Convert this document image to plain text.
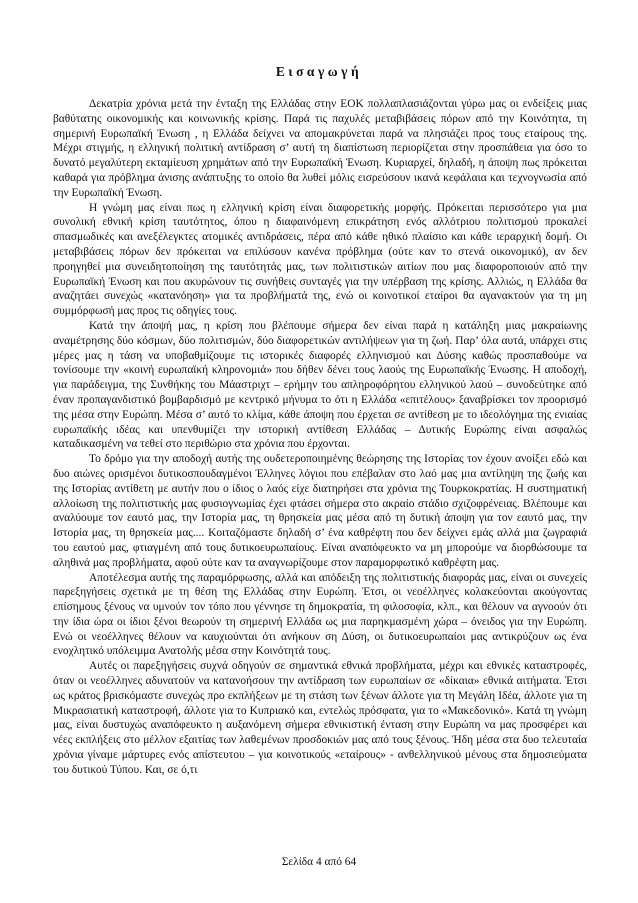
Εισαγωγή

Δεκατρία χρόνια μετά την ένταξη της Ελλάδας στην ΕΟΚ πολλαπλασιάζονται γύρω μας οι ενδείξεις μιας βαθύτατης οικονομικής και κοινωνικής κρίσης. Παρά τις παχυλές μεταβιβάσεις πόρων από την Κοινότητα, τη σημερινή Ευρωπαϊκή Ένωση , η Ελλάδα δείχνει να απομακρύνεται παρά να πλησιάζει προς τους εταίρους της. Μέχρι στιγμής, η ελληνική πολιτική αντίδραση σ’ αυτή τη διαπίστωση περιορίζεται στην προσπάθεια για όσο το δυνατό μεγαλύτερη εκταμίευση χρημάτων από την Ευρωπαϊκή Ένωση. Κυριαρχεί, δηλαδή, η άποψη πως πρόκειται καθαρά για πρόβλημα άνισης ανάπτυξης το οποίο θα λυθεί μόλις εισρεύσουν ικανά κεφάλαια και τεχνογνωσία από την Ευρωπαϊκή Ένωση.

Η γνώμη μας είναι πως η ελληνική κρίση είναι διαφορετικής μορφής. Πρόκειται περισσότερο για μια συνολική εθνική κρίση ταυτότητος, όπου η διαφαινόμενη επικράτηση ενός αλλότριου πολιτισμού προκαλεί σπασμωδικές και ανεξέλεγκτες ατομικές αντιδράσεις, πέρα από κάθε ηθικό πλαίσιο και κάθε ιεραρχική δομή. Οι μεταβιβάσεις πόρων δεν πρόκειται να επιλύσουν κανένα πρόβλημα (ούτε καν το στενά οικονομικό), αν δεν προηγηθεί μια συνειδητοποίηση της ταυτότητάς μας, των πολιτιστικών αιτίων που μας διαφοροποιούν από την Ευρωπαϊκή Ένωση και που ακυρώνουν τις συνήθεις συνταγές για την υπέρβαση της κρίσης. Αλλιώς, η Ελλάδα θα αναζητάει συνεχώς «κατανόηση» για τα προβλήματά της, ενώ οι κοινοτικοί εταίροι θα αγανακτούν για τη μη συμμόρφωσή μας προς τις οδηγίες τους.

Κατά την άποψή μας, η κρίση που βλέπουμε σήμερα δεν είναι παρά η κατάληξη μιας μακραίωνης αναμέτρησης δύο κόσμων, δύο πολιτισμών, δύο διαφορετικών αντιλήψεων για τη ζωή. Παρ’ όλα αυτά, υπάρχει στις μέρες μας η τάση να υποβαθμίζουμε τις ιστορικές διαφορές ελληνισμού και Δύσης καθώς προσπαθούμε να τονίσουμε την «κοινή ευρωπαϊκή κληρονομιά» που δήθεν δένει τους λαούς της Ευρωπαϊκής Ένωσης. Η αποδοχή, για παράδειγμα, της Συνθήκης του Μάαστριχτ – ερήμην του απληροφόρητου ελληνικού λαού – συνοδεύτηκε από έναν προπαγανδιστικό βομβαρδισμό με κεντρικό μήνυμα το ότι η Ελλάδα «επιτέλους» ξαναβρίσκει τον προορισμό της μέσα στην Ευρώπη. Μέσα σ’ αυτό το κλίμα, κάθε άποψη που έρχεται σε αντίθεση με το ιδεολόγημα της ενιαίας ευρωπαϊκής ιδέας και υπενθυμίζει την ιστορική αντίθεση Ελλάδας – Δυτικής Ευρώπης είναι ασφαλώς καταδικασμένη να τεθεί στο περιθώριο στα χρόνια που έρχονται.

Το δρόμο για την αποδοχή αυτής της ουδετεροποιημένης θεώρησης της Ιστορίας τον έχουν ανοίξει εδώ και δυο αιώνες ορισμένοι δυτικοσπουδαγμένοι Έλληνες λόγιοι που επέβαλαν στο λαό μας μια αντίληψη της ζωής και της Ιστορίας αντίθετη με αυτήν που ο ίδιος ο λαός είχε διατηρήσει στα χρόνια της Τουρκοκρατίας. Η συστηματική αλλοίωση της πολιτιστικής μας φυσιογνωμίας έχει φτάσει σήμερα στο ακραίο στάδιο σχιζοφρένειας. Βλέπουμε και αναλύουμε τον εαυτό μας, την Ιστορία μας, τη θρησκεία μας μέσα από τη δυτική άποψη για τον εαυτό μας, την Ιστορία μας, τη θρησκεία μας.... Κοιταζόμαστε δηλαδή σ’ ένα καθρέφτη που δεν δείχνει εμάς αλλά μια ζωγραφιά του εαυτού μας, φτιαγμένη από τους δυτικοευρωπαίους. Είναι αναπόφευκτο να μη μπορούμε να διορθώσουμε τα αληθινά μας προβλήματα, αφού ούτε καν τα αναγνωρίζουμε στον παραμορφωτικό καθρέφτη μας.

Αποτέλεσμα αυτής της παραμόρφωσης, αλλά και απόδειξη της πολιτιστικής διαφοράς μας, είναι οι συνεχείς παρεξηγήσεις σχετικά με τη θέση της Ελλάδας στην Ευρώπη. Έτσι, οι νεοέλληνες κολακεύονται ακούγοντας επίσημους ξένους να υμνούν τον τόπο που γέννησε τη δημοκρατία, τη φιλοσοφία, κλπ., και θέλουν να αγνοούν ότι την ίδια ώρα οι ίδιοι ξένοι θεωρούν τη σημερινή Ελλάδα ως μια παρηκμασμένη χώρα – όνειδος για την Ευρώπη. Ενώ οι νεοέλληνες θέλουν να καυχιούνται ότι ανήκουν ση Δύση, οι δυτικοευρωπαίοι μας αντικρύζουν ως ένα ενοχλητικό υπόλειμμα Ανατολής μέσα στην Κοινότητά τους.

Αυτές οι παρεξηγήσεις συχνά οδηγούν σε σημαντικά εθνικά προβλήματα, μέχρι και εθνικές καταστροφές, όταν οι νεοέλληνες αδυνατούν να κατανοήσουν την αντίδραση των ευρωπαίων σε «δίκαια» εθνικά αιτήματα. Έτσι ως κράτος βρισκόμαστε συνεχώς προ εκπλήξεων με τη στάση των ξένων άλλοτε για τη Μεγάλη Ιδέα, άλλοτε για τη Μικρασιατική καταστροφή, άλλοτε για το Κυπριακό και, εντελώς πρόσφατα, για το «Μακεδονικό». Κατά τη γνώμη μας, είναι δυστυχώς αναπόφευκτο η αυξανόμενη σήμερα εθνικιστική ένταση στην Ευρώπη να μας προσφέρει και νέες εκπλήξεις στο μέλλον εξαιτίας των λαθεμένων προσδοκιών μας από τους ξένους. Ήδη μέσα στα δυο τελευταία χρόνια γίναμε μάρτυρες ενός απίστευτου – για κοινοτικούς «εταίρους» - ανθελληνικού μένους στα δημοσιεύματα του δυτικού Τύπου. Και, σε ό,τι

Σελίδα 4 από 64
